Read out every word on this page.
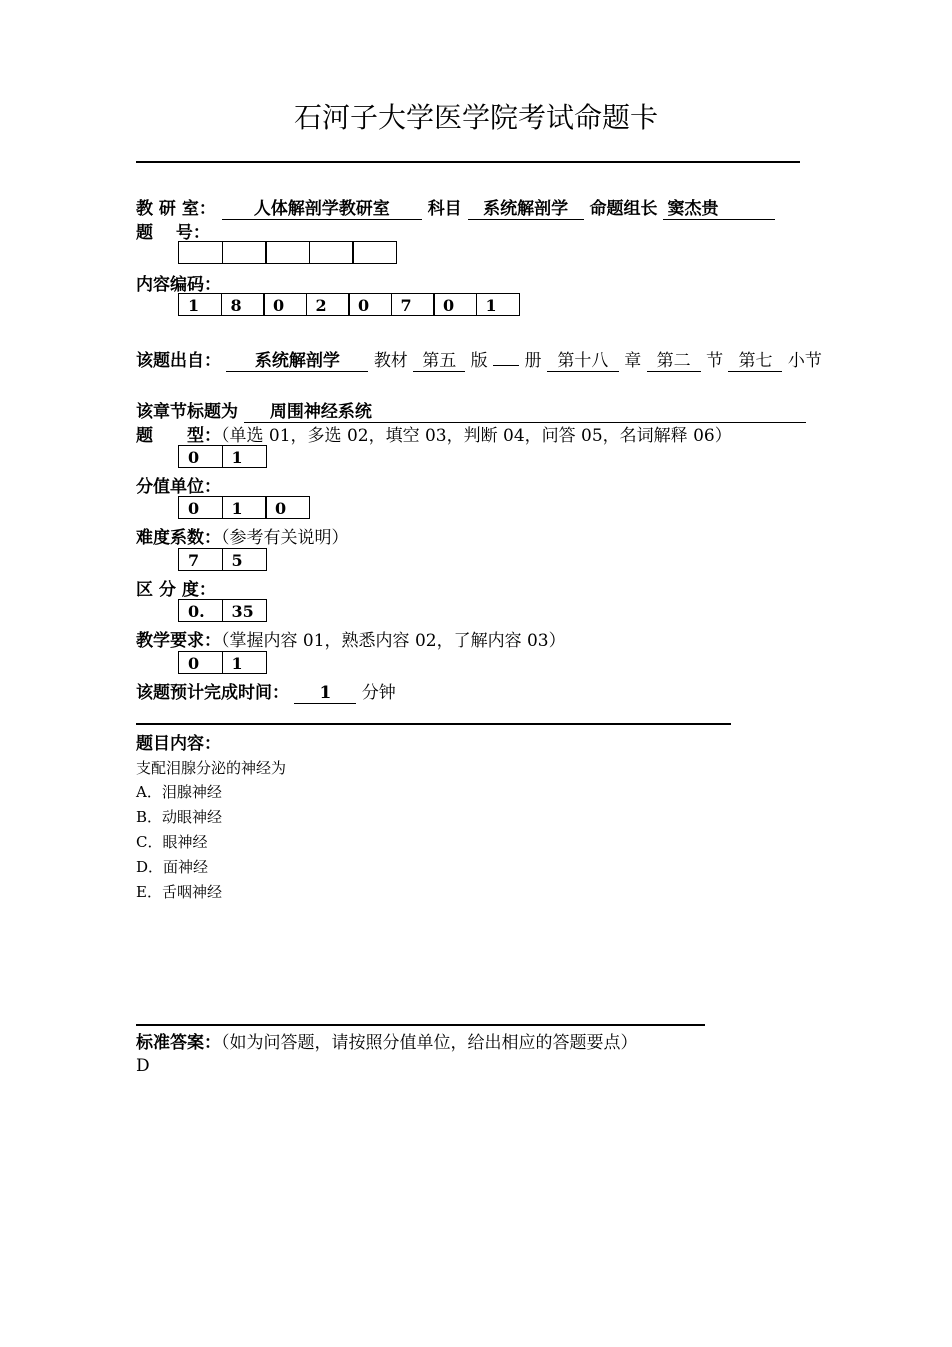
石河子大学医学院考试命题卡
教 研 室： 人体解剖学教研室 科目 系统解剖学 命题组长 窦杰贵
题　 号：
内容编码：
1	8	0	2	0	7	0	1
该题出自： 系统解剖学 教材 第五 版 册 第十八 章 第二 节 第七 小节
该章节标题为 周围神经系统
题　　型：（单选 01，多选 02，填空 03，判断 04，问答 05，名词解释 06）
0	1
分值单位：
0	1	0
难度系数：（参考有关说明）
7	5
区 分 度：
0.	35
教学要求：（掌握内容 01，熟悉内容 02，了解内容 03）
0	1
该题预计完成时间： 1 分钟
题目内容：
支配泪腺分泌的神经为
A．泪腺神经
B．动眼神经
C．眼神经
D．面神经
E．舌咽神经
标准答案：（如为问答题，请按照分值单位，给出相应的答题要点）
D
